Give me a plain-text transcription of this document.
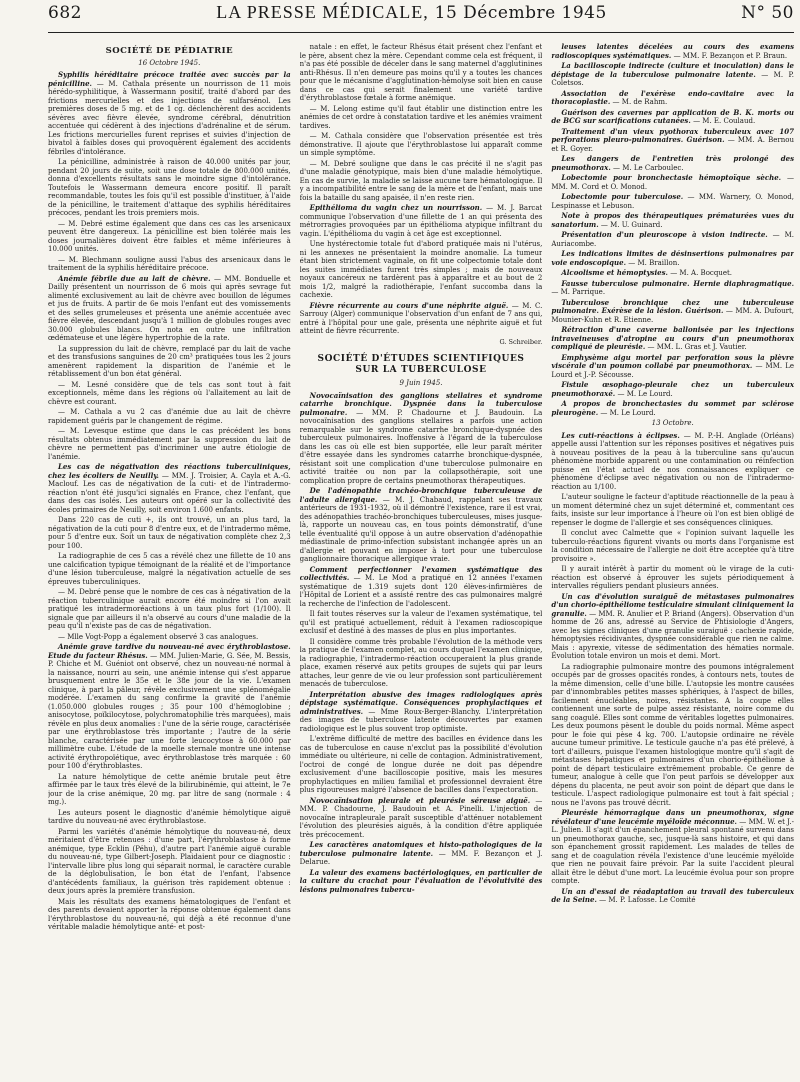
682	LA PRESSE MÉDICALE, 15 Décembre 1945	N° 50
SOCIÉTÉ DE PÉDIATRIE
16 Octobre 1945.

Syphilis héréditaire précoce traitée avec succès par la pénicilline. — M. Cathala présente un nourrisson de 11 mois hérédo-syphilitique, à Wassermann positif, traité d'abord par des frictions mercurielles et des injections de sulfarsénol. Les premières doses de 5 mg. et de 1 cg. déclenchèrent des accidents sévères avec fièvre élevée, syndrome cérébral, dénutrition accentuée qui cédèrent à des injections d'adrénaline et de sérum. Les frictions mercurielles furent reprises et suivies d'injection de bivatol à faibles doses qui provoquèrent également des accidents fébriles d'intolérance.

La pénicilline, administrée à raison de 40.000 unités par jour, pendant 20 jours de suite, soit une dose totale de 800.000 unités, donna d'excellents résultats sans le moindre signe d'intolérance. Toutefois le Wassermann demeura encore positif. Il paraît recommandable, toutes les fois qu'il est possible d'instituer, à l'aide de la pénicilline, le traitement d'attaque des syphilis héréditaires précoces, pendant les trois premiers mois.

— M. Debré estime également que dans ces cas les arsenicaux peuvent être dangereux. La pénicilline est bien tolérée mais les doses journalières doivent être faibles et même inférieures à 10.000 unités.

— M. Blechmann souligne aussi l'abus des arsenicaux dans le traitement de la syphilis héréditaire précoce.

Anémie fébrile due au lait de chèvre. — MM. Bonduelle et Dailly présentent un nourrisson de 6 mois qui après sevrage fut alimenté exclusivement au lait de chèvre avec bouillon de légumes et jus de fruits. A partir de 6e mois l'enfant eut des vomissements et des selles grumeleuses et présenta une anémie accentuée avec fièvre élevée, descendant jusqu'à 1 million de globules rouges avec 30.000 globules blancs. On nota en outre une infiltration œdémateuse et une légère hypertrophie de la rate.

La suppression du lait de chèvre, remplacé par du lait de vache et des transfusions sanguines de 20 cm³ pratiquées tous les 2 jours amenèrent rapidement la disparition de l'anémie et le rétablissement d'un bon état général.

— M. Lesné considère que de tels cas sont tout à fait exceptionnels, même dans les régions où l'allaitement au lait de chèvre est courant.

— M. Cathala a vu 2 cas d'anémie due au lait de chèvre rapidement guéris par le changement de régime.

— M. Levesque estime que dans le cas précédent les bons résultats obtenus immédiatement par la suppression du lait de chèvre ne permettent pas d'incriminer une autre étiologie de l'anémie.

Les cas de négativation des réactions tuberculiniques, chez les écoliers de Neuilly. — MM. J. Troisier, A. Cayla et A.-G. Maclouf. Les cas de négativation de la cuti- et de l'intradermo-réaction n'ont été jusqu'ici signalés en France, chez l'enfant, que dans des cas isolés. Les auteurs ont opéré sur la collectivité des écoles primaires de Neuilly, soit environ 1.600 enfants.

Dans 220 cas de cuti +, ils ont trouvé, un an plus tard, la négativation de la cuti pour 8 d'entre eux, et de l'intradermo même, pour 5 d'entre eux. Soit un taux de négativation complète chez 2,3 pour 100.

La radiographie de ces 5 cas a révélé chez une fillette de 10 ans une calcification typique témoignant de la réalité et de l'importance d'une lésion tuberculeuse, malgré la négativation actuelle de ses épreuves tuberculiniques.

— M. Debré pense que le nombre de ces cas à négativation de la réaction tuberculinique aurait encore été moindre si l'on avait pratiqué les intradermoréactions à un taux plus fort (1/100). Il signale que par ailleurs il n'a observé au cours d'une maladie de la peau qu'il n'existe pas de cas de négativation.

— Mlle Vogt-Popp a également observé 3 cas analogues.

Anémie grave tardive du nouveau-né avec érythroblastose. Etude du facteur Rhésus. — MM. Julien-Marie, G. Sée, M. Bessis, P. Chiche et M. Guéniot ont observé, chez un nouveau-né normal à la naissance, nourri au sein, une anémie intense qui s'est apparue brusquement entre le 35e et le 38e jour de la vie. L'examen clinique, à part la pâleur, révèle exclusivement une splénomégalie modérée. L'examen du sang confirme la gravité de l'anémie (1.050.000 globules rouges ; 35 pour 100 d'hémoglobine ; anisocytose, poïkilocytose, polychromatophilie très marquées), mais révèle en plus deux anomalies : l'une de la série rouge, caractérisée par une érythroblastose très importante ; l'autre de la série blanche, caractérisée par une forte leucocytose à 60.000 par millimètre cube. L'étude de la moelle sternale montre une intense activité érythropoïétique, avec érythroblastose très marquée : 60 pour 100 d'érythroblastes.

La nature hémolytique de cette anémie brutale peut être affirmée par le taux très élevé de la bilirubinémie, qui atteint, le 7e jour de la crise anémique, 20 mg. par litre de sang (normale : 4 mg.).

Les auteurs posent le diagnostic d'anémie hémolytique aiguë tardive du nouveau-né avec érythroblastose.

Parmi les variétés d'anémie hémolytique du nouveau-né, deux méritaient d'être retenues : d'une part, l'érythroblastose à forme anémique, type Ecklin (Péhu), d'autre part l'anémie aiguë curable du nouveau-né, type Gilbert-Joseph. Plaidaient pour ce diagnostic : l'intervalle libre plus long qui séparait normal, le caractère curable de la déglobulisation, le bon état de l'enfant, l'absence d'antécédents familiaux, la guérison très rapidement obtenue : deux jours après la première transfusion.

Mais les résultats des examens hématologiques de l'enfant et des parents devaient apporter la réponse obtenue également dans l'érythroblastose du nouveau-né, qui déjà a été reconnue d'une véritable maladie hémolytique anté- et post-

natale : en effet, le facteur Rhésus était présent chez l'enfant et le père, absent chez la mère. Cependant comme cela est fréquent, il n'a pas été possible de déceler dans le sang maternel d'agglutinines anti-Rhésus. Il n'en demeure pas moins qu'il y a toutes les chances pour que le mécanisme d'agglutination-hémolyse soit bien en cause dans ce cas qui serait finalement une variété tardive d'érythroblastose fœtale à forme anémique.

— M. Lelong estime qu'il faut établir une distinction entre les anémies de cet ordre à constatation tardive et les anémies vraiment tardives.

— M. Cathala considère que l'observation présentée est très démonstrative. Il ajoute que l'érythroblastose lui apparaît comme un simple symptôme.

— M. Debré souligne que dans le cas précité il ne s'agit pas d'une maladie génotypique, mais bien d'une maladie hémolytique. En cas de survie, la maladie se laisse aucune tare hématologique. Il y a incompatibilité entre le sang de la mère et de l'enfant, mais une fois la bataille du sang apaisée, il n'en reste rien.

Epithélioma du vagin chez un nourrisson. — M. J. Barcat communique l'observation d'une fillette de 1 an qui présenta des métrorragies provoquées par un épithélioma atypique infiltrant du vagin. L'épithélioma du vagin à cet âge est exceptionnel.

Une hystérectomie totale fut d'abord pratiquée mais ni l'utérus, ni les annexes ne présentaient la moindre anomalie. La tumeur étant bien strictement vaginale, on fit une colpectomie totale dont les suites immédiates furent très simples ; mais de nouveaux noyaux cancéreux ne tardèrent pas à apparaître et au bout de 2 mois 1/2, malgré la radiothérapie, l'enfant succomba dans la cachexie.

Fièvre récurrente au cours d'une néphrite aiguë. — M. C. Sarrouy (Alger) communique l'observation d'un enfant de 7 ans qui, entré à l'hôpital pour une gale, présenta une néphrite aiguë et fut atteint de fièvre récurrente.

G. Schreiber.
SOCIÉTÉ D'ÉTUDES SCIENTIFIQUES
SUR LA TUBERCULOSE
9 Juin 1945.

Novocaïnisation des ganglions stellaires et syndrome catarrhe bronchique. Dyspnée dans la tuberculose pulmonaire. — MM. P. Chadourne et J. Baudouin. La novocaïnisation des ganglions stellaires a parfois une action remarquable sur le syndrome catarrhe bronchique-dyspnée des tuberculeux pulmonaires. Inoffensive à l'égard de la tuberculose dans les cas où elle est bien supportée, elle leur paraît mériter d'être essayée dans les syndromes catarrhe bronchique-dyspnée, résistant soit une complication d'une tuberculose pulmonaire en activité traitée ou non par la collapsothérapie, soit une complication propre de certains pneumothorax thérapeutiques.

De l'adénopathie trachéo-bronchique tuberculeuse de l'adulte allergique. — M. J. Chabaud, rappelant ses travaux antérieurs de 1931-1932, où il démontré l'existence, rare il est vrai, des adénopathies trachéo-bronchiques tuberculeuses, mises jusque-là, rapporte un nouveau cas, en tous points démonstratif, d'une telle éventualité qu'il oppose à un autre observation d'adénopathie médiastinale de primo-infection subsistant inchangée après un an d'allergie et pouvant en imposer à tort pour une tuberculose ganglionnaire thoracique allergique vraie.

Comment perfectionner l'examen systématique des collectivités. — M. Le Mod a pratiqué en 12 années l'examen systématique de 1.319 sujets dont 120 élèves-infirmières de l'Hôpital de Lorient et a assisté rentre des cas pulmonaires malgré la recherche de l'infection de l'adolescent.

Il fait toutes réserves sur la valeur de l'examen systématique, tel qu'il est pratiqué actuellement, réduit à l'examen radioscopique exclusif et destiné à des masses de plus en plus importantes.

Il considère comme très probable l'évolution de la méthode vers la pratique de l'examen complet, au cours duquel l'examen clinique, la radiographie, l'intradermo-réaction occuperaient la plus grande place, examen réservé aux petits groupes de sujets qui par leurs attaches, leur genre de vie ou leur profession sont particulièrement menacés de tuberculose.

Interprétation abusive des images radiologiques après dépistage systématique. Conséquences prophylactiques et administratives. — Mme Roux-Berger-Blanchy. L'interprétation des images de tuberculose latente découvertes par examen radiologique est le plus souvent trop optimiste.

L'extrême difficulté de mettre des bacilles en évidence dans les cas de tuberculose en cause n'exclut pas la possibilité d'évolution immédiate ou ultérieure, ni celle de contagion. Administrativement, l'octroi de congé de longue durée ne doit pas dépendre exclusivement d'une bacilloscopie positive, mais les mesures prophylactiques en milieu familial et professionnel devraient être plus rigoureuses malgré l'absence de bacilles dans l'expectoration.

Novocaïnisation pleurale et pleurésie séreuse aiguë. — MM. P. Chadourne, J. Baudouin et A. Pinelli. L'injection de novocaïne intrapleurale paraît susceptible d'atténuer notablement l'évolution des pleurésies aiguës, à la condition d'être appliquée très précocement.

Les caractères anatomiques et histo-pathologiques de la tuberculose pulmonaire latente. — MM. F. Bezançon et J. Delarue.

La valeur des examens bactériologiques, en particulier de la culture du crachat pour l'évaluation de l'évolutivité des lésions pulmonaires tubercu-

leuses latentes décelées au cours des examens radioscopiques systématiques. — MM. F. Bezançon et P. Braun.

La bacilloscopie indirecte (culture et inoculation) dans le dépistage de la tuberculose pulmonaire latente. — M. P. Coletsos.

Association de l'exérèse endo-cavitaire avec la thoracoplastie. — M. de Rahm.

Guérison des cavernes par application de B. K. morts ou de BCG sur scarifications cutanées. — M. E. Coulaud.

Traitement d'un vieux pyothorax tuberculeux avec 107 perforations pleuro-pulmonaires. Guérison. — MM. A. Bernou et R. Goyer.

Les dangers de l'entretien très prolongé des pneumothorax. — M. Le Carbouleс.

Lobectomie pour bronchectasie hémoptoïque sèche. — MM. M. Cord et O. Monod.

Lobectomie pour tuberculose. — MM. Warnery, O. Monod, Lespinasse et Lebuson.

Note à propos des thérapeutiques prématurées vues du sanatorium. — M. U. Guinard.

Présentation d'un pleuroscope à vision indirecte. — M. Auriacombe.

Les indications limites de désinsertions pulmonaires par voie endoscopique. — M. Braillon.

Alcoolisme et hémoptysies. — M. A. Bocquet.

Fausse tuberculose pulmonaire. Hernie diaphragmatique. — M. Parrique.

Tuberculose bronchique chez une tuberculeuse pulmonaire. Exérèse de la lésion. Guérison. — MM. A. Dufourt, Mounier-Kuhn et R. Etienne.

Rétraction d'une caverne ballonisée par les injections intraveineuses d'atropine au cours d'un pneumothorax compliqué de pleurésie. — MM. L. Gras et J. Vautier.

Emphysème aigu mortel par perforation sous la plèvre viscérale d'un poumon collabé par pneumothorax. — MM. Le Lourd et J.-P. Sécousse.

Fistule œsophago-pleurale chez un tuberculeux pneumothoraxé. — M. Le Lourd.

A propos de bronchectasies du sommet par sclérose pleurogène. — M. Le Lourd.

13 Octobre.

Les cuti-réactions à éclipses. — M. P.-H. Anglade (Orléans) appelle aussi l'attention sur les réponses positives et négatives puis à nouveau positives de la peau à la tuberculine sans qu'aucun phénomène morbide apparent ou une contamination ou réinfection puisse en l'état actuel de nos connaissances expliquer ce phénomène d'éclipse avec négativation ou non de l'intradermo-réaction au 1/100.

L'auteur souligne le facteur d'aptitude réactionnelle de la peau à un moment déterminé chez un sujet déterminé et, commentant ces faits, insiste sur leur importance à l'heure où l'on est bien obligé de repenser le dogme de l'allergie et ses conséquences cliniques.

Il conclut avec Calmette que « l'opinion suivant laquelle les tuberculo-réactions figurent vivants ou morts dans l'organisme est la condition nécessaire de l'allergie ne doit être acceptée qu'à titre provisoire ».

Il y aurait intérêt à partir du moment où le virage de la cuti-réaction est observé à éprouver les sujets périodiquement à intervalles réguliers pendant plusieurs années.

Un cas d'évolution suraiguë de métastases pulmonaires d'un chorio-épithéliome testiculaire simulant cliniquement la granulie. — MM. R. Anulier et P. Briand (Angers). Observation d'un homme de 26 ans, adressé au Service de Phtisiologie d'Angers, avec les signes cliniques d'une granulie suraiguë : cachexie rapide, hémoptysies récidivantes, dyspnée considérable que rien ne calme. Mais : apyrexie, vitesse de sédimentation des hématies normale. Évolution totale environ un mois et demi. Mort.

La radiographie pulmonaire montre des poumons intégralement occupés par de grosses opacités rondes, à contours nets, toutes de la même dimension, celle d'une bille. L'autopsie les montre causées par d'innombrables petites masses sphériques, à l'aspect de billes, facilement énucléables, noires, résistantes. A la coupe elles contiennent une sorte de pulpe assez résistante, noire comme du sang coagulé. Elles sont comme de véritables logettes pulmonaires. Les deux poumons pèsent le double du poids normal. Même aspect pour le foie qui pèse 4 kg. 700. L'autopsie ordinaire ne révèle aucune tumeur primitive. Le testicule gauche n'a pas été prélevé, à tort d'ailleurs, puisque l'examen histologique montre qu'il s'agit de métastases hépatiques et pulmonaires d'un chorio-épithéliome à point de départ testiculaire extrêmement probable. Ce genre de tumeur, analogue à celle que l'on peut parfois se développer aux dépens du placenta, ne peut avoir son point de départ que dans le testicule. L'aspect radiologique pulmonaire est tout à fait spécial ; nous ne l'avons pas trouvé décrit.

Pleurésie hémorragique dans un pneumothorax, signe révélateur d'une leucémie myéloïde méconnue. — MM. W. et J.-L. Julien. Il s'agit d'un épanchement pleural spontané survenu dans un pneumothorax gauche, sec, jusque-là sans histoire, et qui dans son épanchement grossit rapidement. Les malades de telles de sang et de coagulation révéla l'existence d'une leucémie myéloïde que rien ne pouvait faire prévoir. Par la suite l'accident pleural allait être le début d'une mort. La leucémie évolua pour son propre compte.

Un an d'essai de réadaptation au travail des tuberculeux de la Seine. — M. P. Lafosse. Le Comité
